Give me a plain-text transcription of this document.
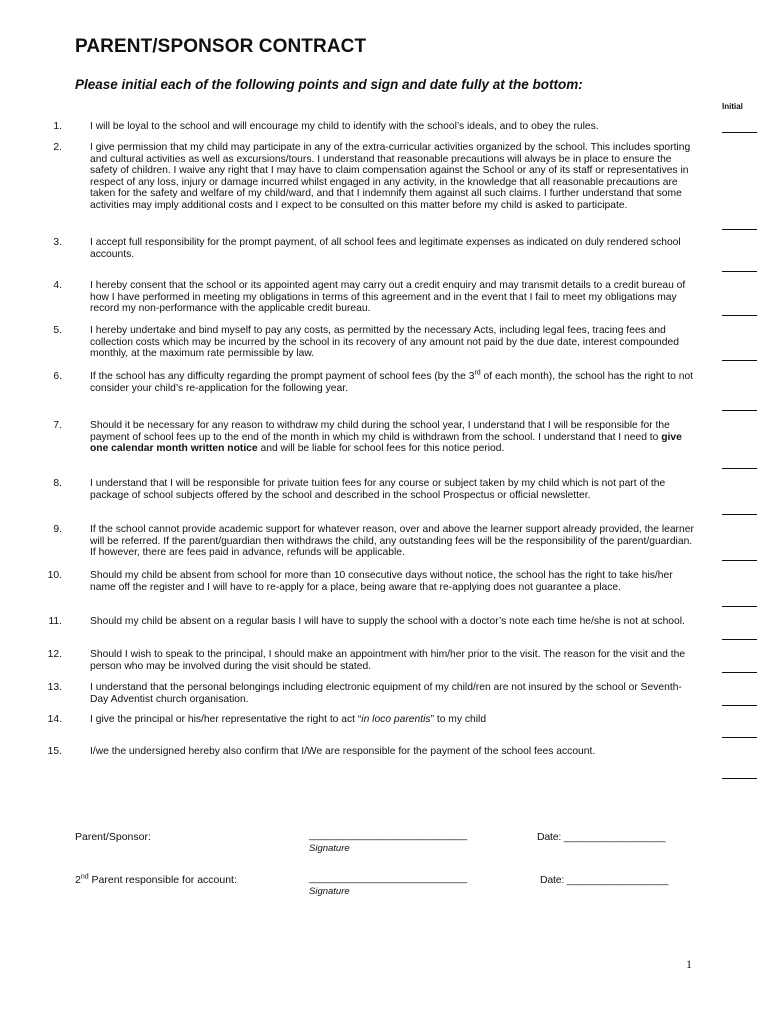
PARENT/SPONSOR CONTRACT

Please initial each of the following points and sign and date fully at the bottom:

Initial
1.	I will be loyal to the school and will encourage my child to identify with the school’s ideals, and to obey the rules.
2.	I give permission that my child may participate in any of the extra-curricular activities organized by the school. This includes sporting and cultural activities as well as excursions/tours. I understand that reasonable precautions will always be in place to ensure the safety of children. I waive any right that I may have to claim compensation against the School or any of its staff or representatives in respect of any loss, injury or damage incurred whilst engaged in any activity, in the knowledge that all reasonable precautions are taken for the safety and welfare of my child/ward, and that I indemnify them against all such claims. I further understand that some activities may imply additional costs and I expect to be consulted on this matter before my child is asked to participate.
3.	I accept full responsibility for the prompt payment, of all school fees and legitimate expenses as indicated on duly rendered school accounts.
4.	I hereby consent that the school or its appointed agent may carry out a credit enquiry and may transmit details to a credit bureau of how I have performed in meeting my obligations in terms of this agreement and in the event that I fail to meet my obligations may record my non-performance with the applicable credit bureau.
5.	I hereby undertake and bind myself to pay any costs, as permitted by the necessary Acts, including legal fees, tracing fees and collection costs which may be incurred by the school in its recovery of any amount not paid by the due date, interest compounded monthly, at the maximum rate permissible by law.
6.	If the school has any difficulty regarding the prompt payment of school fees (by the 3rd of each month), the school has the right to not consider your child’s re-application for the following year.
7.	Should it be necessary for any reason to withdraw my child during the school year, I understand that I will be responsible for the payment of school fees up to the end of the month in which my child is withdrawn from the school. I understand that I need to give one calendar month written notice and will be liable for school fees for this notice period.
8.	I understand that I will be responsible for private tuition fees for any course or subject taken by my child which is not part of the package of school subjects offered by the school and described in the school Prospectus or official newsletter.
9.	If the school cannot provide academic support for whatever reason, over and above the learner support already provided, the learner will be referred. If the parent/guardian then withdraws the child, any outstanding fees will be the responsibility of the parent/guardian. If however, there are fees paid in advance, refunds will be applicable.
10.	Should my child be absent from school for more than 10 consecutive days without notice, the school has the right to take his/her name off the register and I will have to re-apply for a place, being aware that re-applying does not guarantee a place.
11.	Should my child be absent on a regular basis I will have to supply the school with a doctor’s note each time he/she is not at school.
12.	Should I wish to speak to the principal, I should make an appointment with him/her prior to the visit. The reason for the visit and the person who may be involved during the visit should be stated.
13.	I understand that the personal belongings including electronic equipment of my child/ren are not insured by the school or Seventh-Day Adventist church organisation.
14.	I give the principal or his/her representative the right to act “in loco parentis” to my child
15.	I/we the undersigned hereby also confirm that I/We are responsible for the payment of the school fees account.
Parent/Sponsor:	____________________________
Signature
Date: __________________
2nd Parent responsible for account:	____________________________
Signature
Date: __________________
1
